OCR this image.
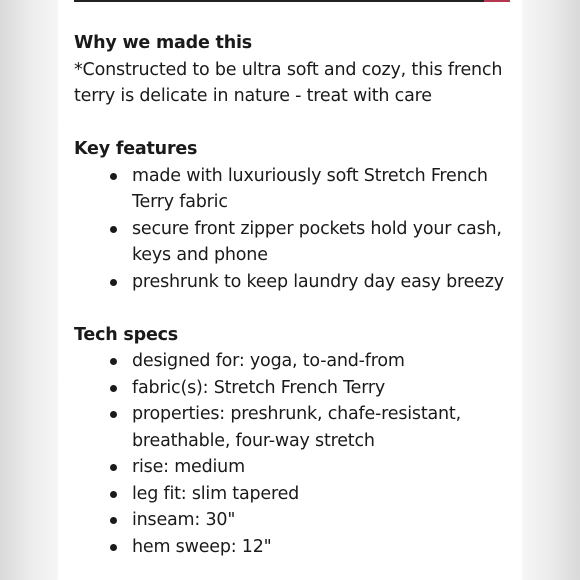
Why we made this

*Constructed to be ultra soft and cozy, this french
terry is delicate in nature - treat with care

Key features

made with luxuriously soft Stretch French
Terry fabric
secure front zipper pockets hold your cash,
keys and phone
preshrunk to keep laundry day easy breezy

Tech specs

designed for: yoga, to-and-from
fabric(s): Stretch French Terry
properties: preshrunk, chafe-resistant,
breathable, four-way stretch
rise: medium
leg fit: slim tapered
inseam: 30"
hem sweep: 12"
